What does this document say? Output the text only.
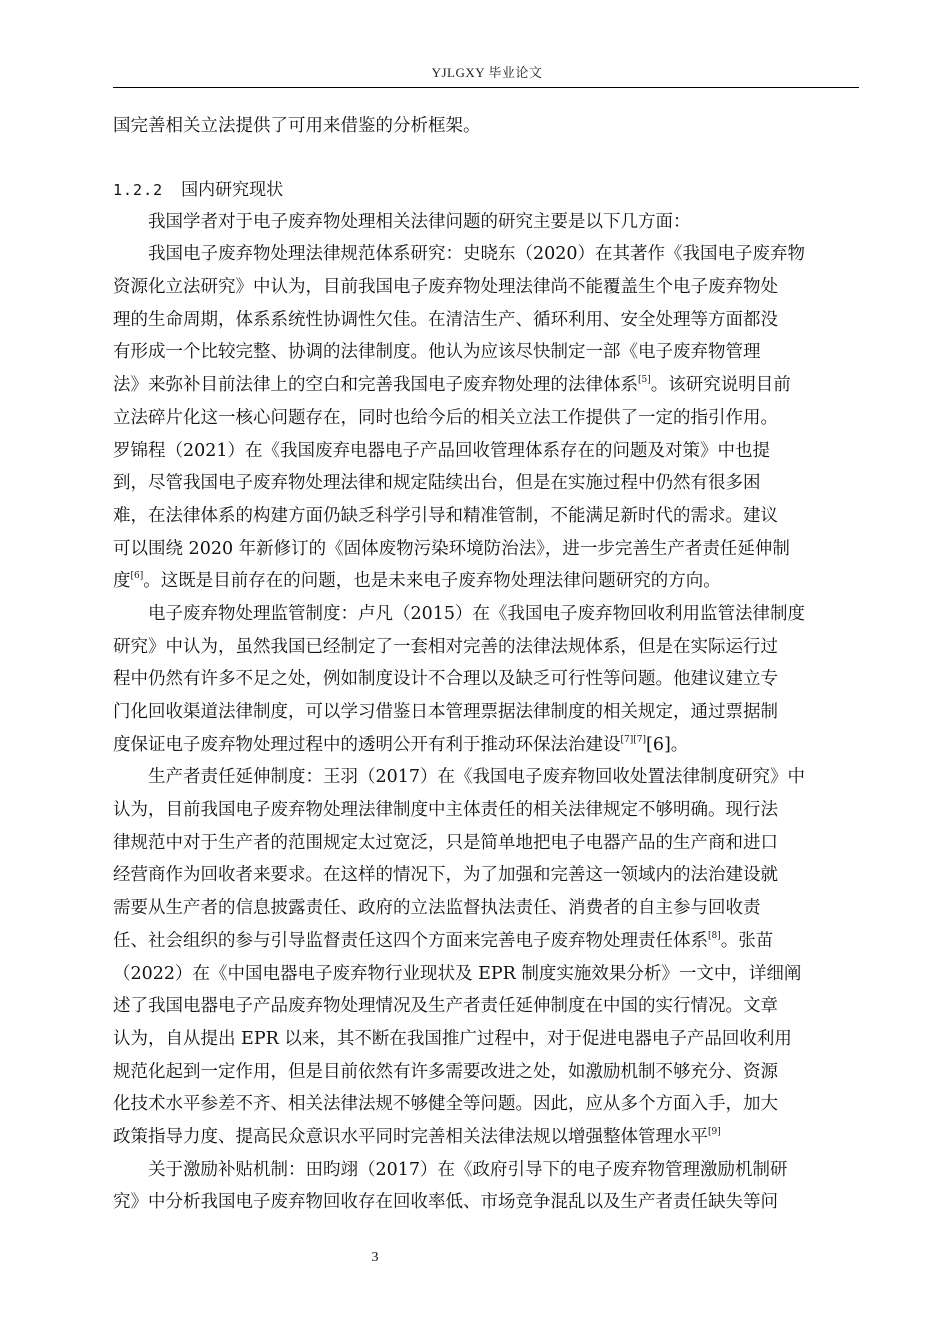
YJLGXY 毕业论文
国完善相关立法提供了可用来借鉴的分析框架。
1.2.2 国内研究现状
我国学者对于电子废弃物处理相关法律问题的研究主要是以下几方面：
我国电子废弃物处理法律规范体系研究：史晓东（2020）在其著作《我国电子废弃物
资源化立法研究》中认为，目前我国电子废弃物处理法律尚不能覆盖生个电子废弃物处
理的生命周期，体系系统性协调性欠佳。在清洁生产、循环利用、安全处理等方面都没
有形成一个比较完整、协调的法律制度。他认为应该尽快制定一部《电子废弃物管理
法》来弥补目前法律上的空白和完善我国电子废弃物处理的法律体系[5]。该研究说明目前
立法碎片化这一核心问题存在，同时也给今后的相关立法工作提供了一定的指引作用。
罗锦程（2021）在《我国废弃电器电子产品回收管理体系存在的问题及对策》中也提
到，尽管我国电子废弃物处理法律和规定陆续出台，但是在实施过程中仍然有很多困
难，在法律体系的构建方面仍缺乏科学引导和精准管制，不能满足新时代的需求。建议
可以围绕 2020 年新修订的《固体废物污染环境防治法》，进一步完善生产者责任延伸制
度[6]。这既是目前存在的问题，也是未来电子废弃物处理法律问题研究的方向。
电子废弃物处理监管制度：卢凡（2015）在《我国电子废弃物回收利用监管法律制度
研究》中认为，虽然我国已经制定了一套相对完善的法律法规体系，但是在实际运行过
程中仍然有许多不足之处，例如制度设计不合理以及缺乏可行性等问题。他建议建立专
门化回收渠道法律制度，可以学习借鉴日本管理票据法律制度的相关规定，通过票据制
度保证电子废弃物处理过程中的透明公开有利于推动环保法治建设[7][7][6]。
生产者责任延伸制度：王羽（2017）在《我国电子废弃物回收处置法律制度研究》中
认为，目前我国电子废弃物处理法律制度中主体责任的相关法律规定不够明确。现行法
律规范中对于生产者的范围规定太过宽泛，只是简单地把电子电器产品的生产商和进口
经营商作为回收者来要求。在这样的情况下，为了加强和完善这一领域内的法治建设就
需要从生产者的信息披露责任、政府的立法监督执法责任、消费者的自主参与回收责
任、社会组织的参与引导监督责任这四个方面来完善电子废弃物处理责任体系[8]。张苗
（2022）在《中国电器电子废弃物行业现状及 EPR 制度实施效果分析》一文中，详细阐
述了我国电器电子产品废弃物处理情况及生产者责任延伸制度在中国的实行情况。文章
认为，自从提出 EPR 以来，其不断在我国推广过程中，对于促进电器电子产品回收利用
规范化起到一定作用，但是目前依然有许多需要改进之处，如激励机制不够充分、资源
化技术水平参差不齐、相关法律法规不够健全等问题。因此，应从多个方面入手，加大
政策指导力度、提高民众意识水平同时完善相关法律法规以增强整体管理水平[9]
关于激励补贴机制：田昀翊（2017）在《政府引导下的电子废弃物管理激励机制研
究》中分析我国电子废弃物回收存在回收率低、市场竞争混乱以及生产者责任缺失等问
3
